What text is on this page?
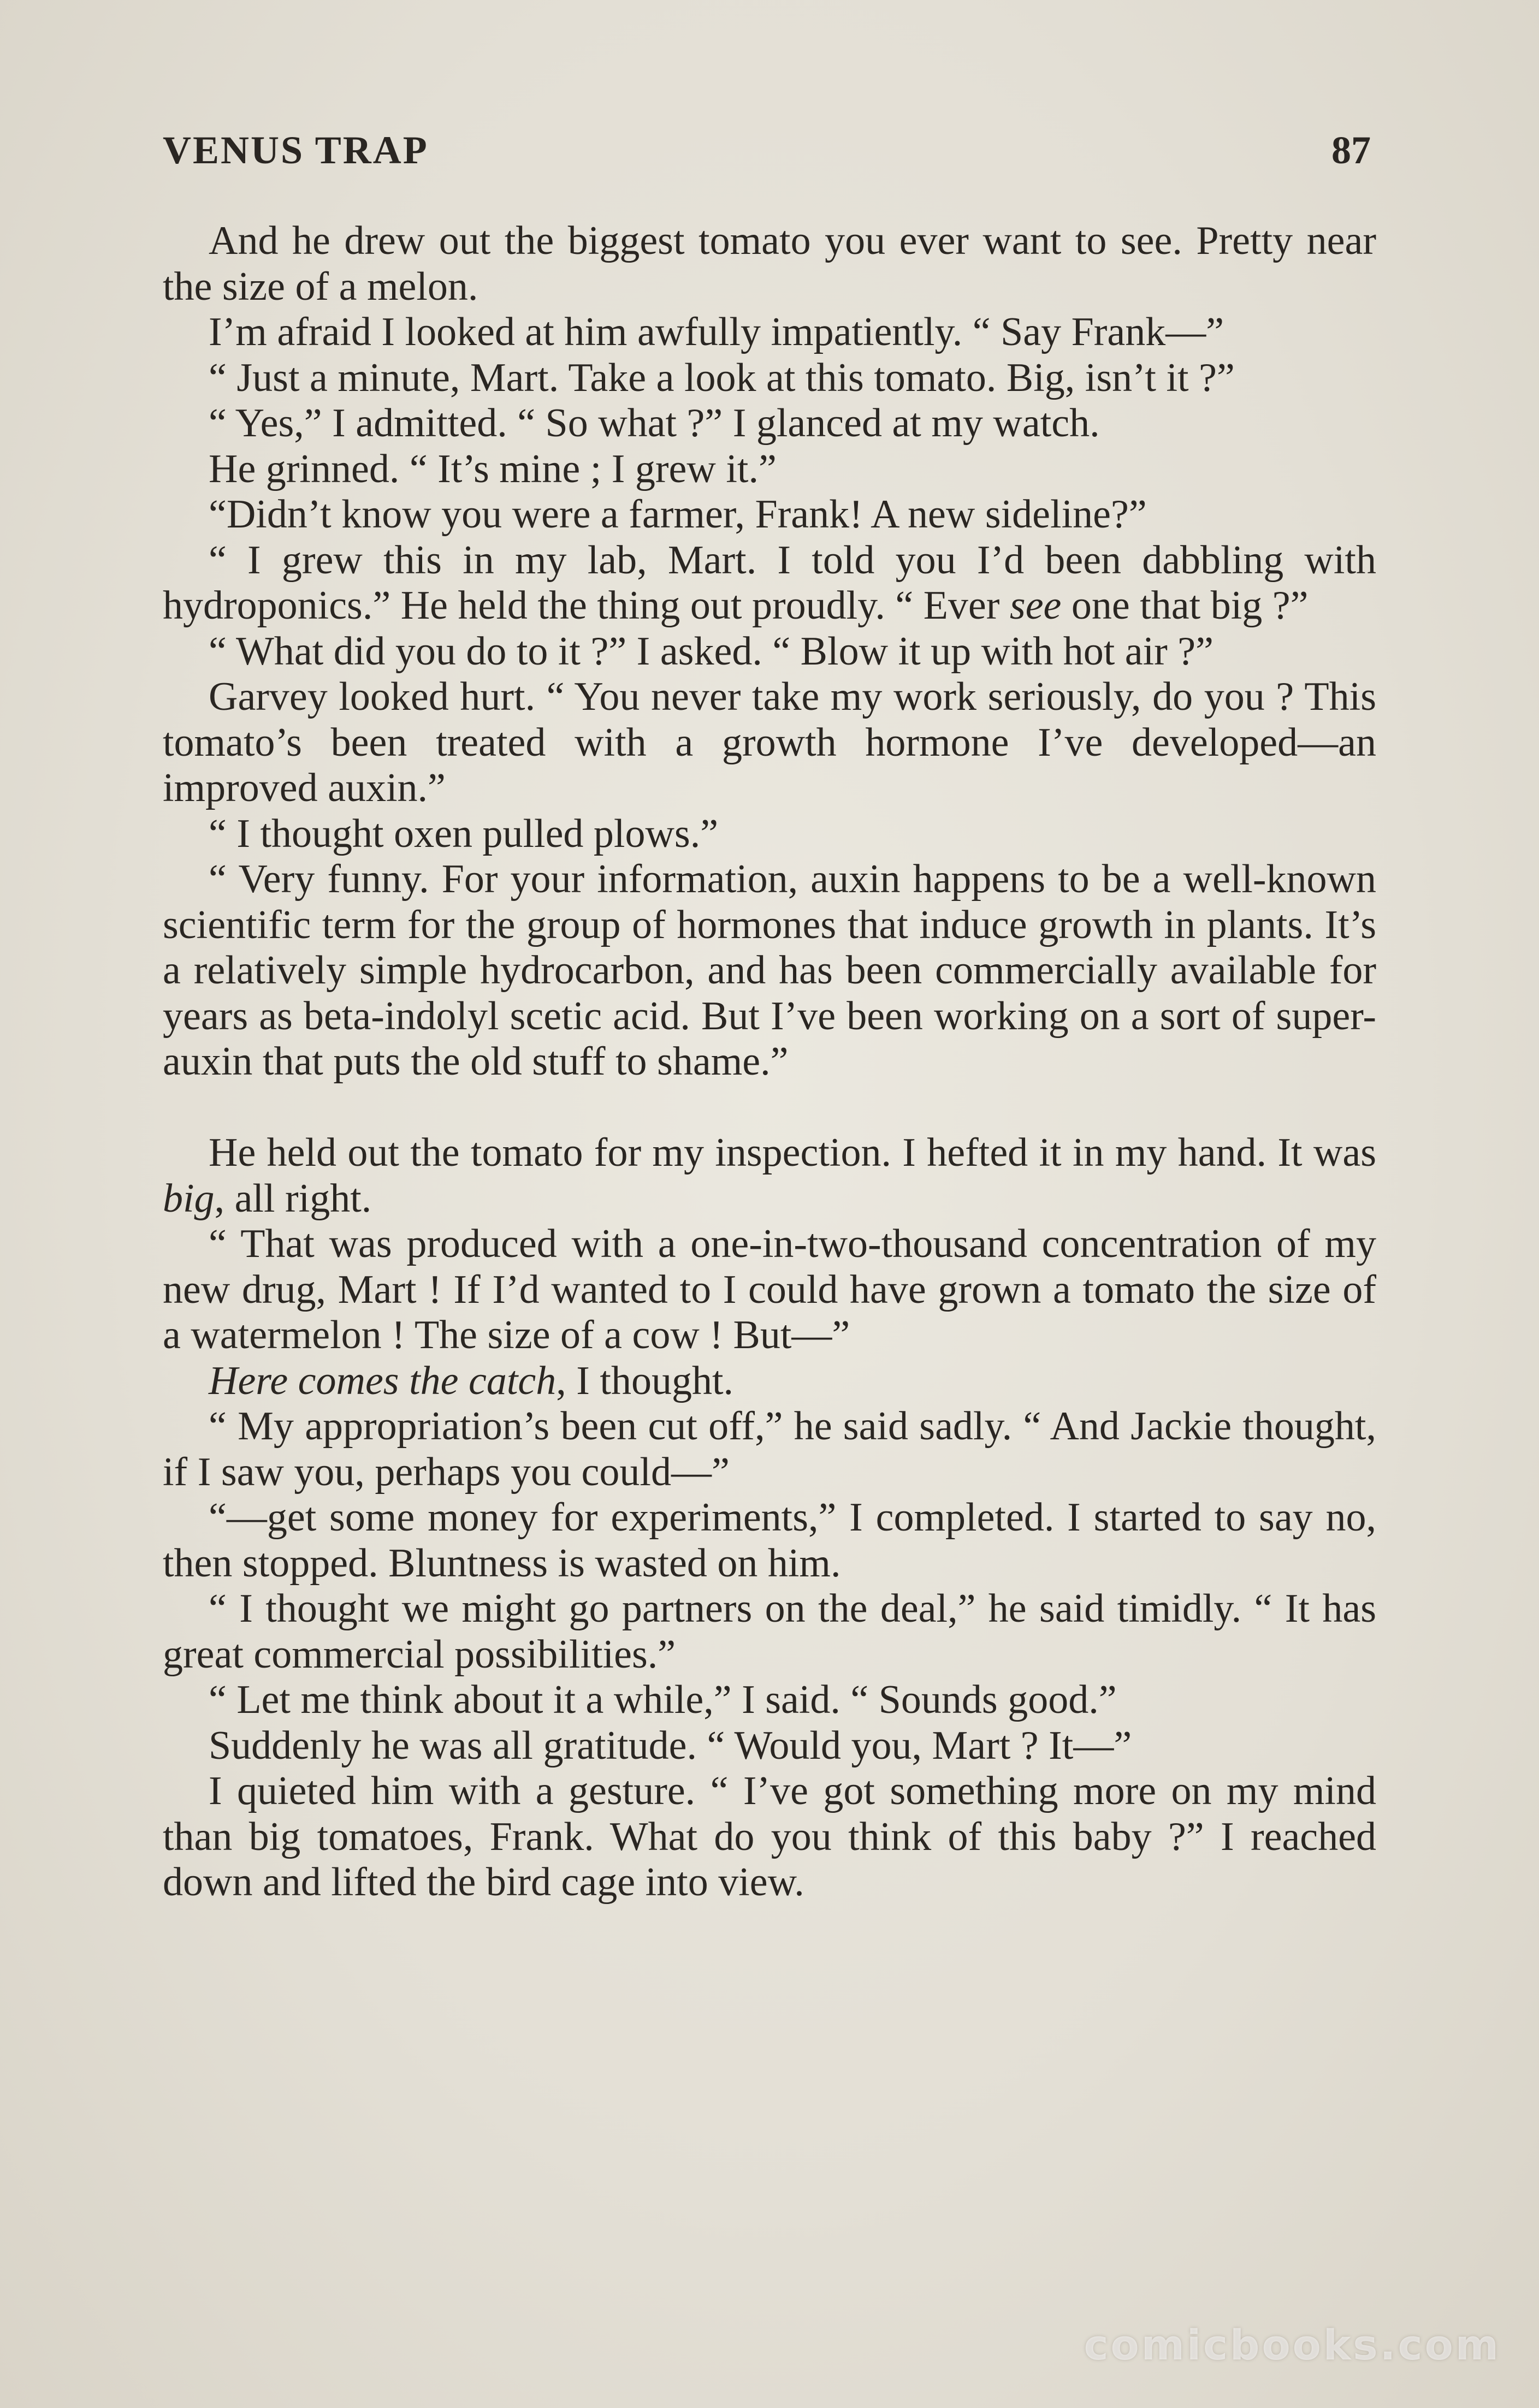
VENUS TRAP	87

And he drew out the biggest tomato you ever want to see. Pretty near the size of a melon.

I’m afraid I looked at him awfully impatiently. “ Say Frank—”

“ Just a minute, Mart. Take a look at this tomato. Big, isn’t it ?”

“ Yes,” I admitted. “ So what ?” I glanced at my watch.

He grinned. “ It’s mine ; I grew it.”

“Didn’t know you were a farmer, Frank! A new sideline?”

“ I grew this in my lab, Mart. I told you I’d been dabbling with hydroponics.” He held the thing out proudly. “ Ever see one that big ?”

“ What did you do to it ?” I asked. “ Blow it up with hot air ?”

Garvey looked hurt. “ You never take my work seriously, do you ? This tomato’s been treated with a growth hormone I’ve developed—an improved auxin.”

“ I thought oxen pulled plows.”

“ Very funny. For your information, auxin happens to be a well-known scientific term for the group of hormones that induce growth in plants. It’s a relatively simple hydrocarbon, and has been commercially available for years as beta-indolyl scetic acid. But I’ve been working on a sort of super-auxin that puts the old stuff to shame.”

He held out the tomato for my inspection. I hefted it in my hand. It was big, all right.

“ That was produced with a one-in-two-thousand concentration of my new drug, Mart ! If I’d wanted to I could have grown a tomato the size of a watermelon ! The size of a cow ! But—”

Here comes the catch, I thought.

“ My appropriation’s been cut off,” he said sadly. “ And Jackie thought, if I saw you, perhaps you could—”

“—get some money for experiments,” I completed. I started to say no, then stopped. Bluntness is wasted on him.

“ I thought we might go partners on the deal,” he said timidly. “ It has great commercial possibilities.”

“ Let me think about it a while,” I said. “ Sounds good.”

Suddenly he was all gratitude. “ Would you, Mart ? It—”

I quieted him with a gesture. “ I’ve got something more on my mind than big tomatoes, Frank. What do you think of this baby ?” I reached down and lifted the bird cage into view.

comicbooks.com
